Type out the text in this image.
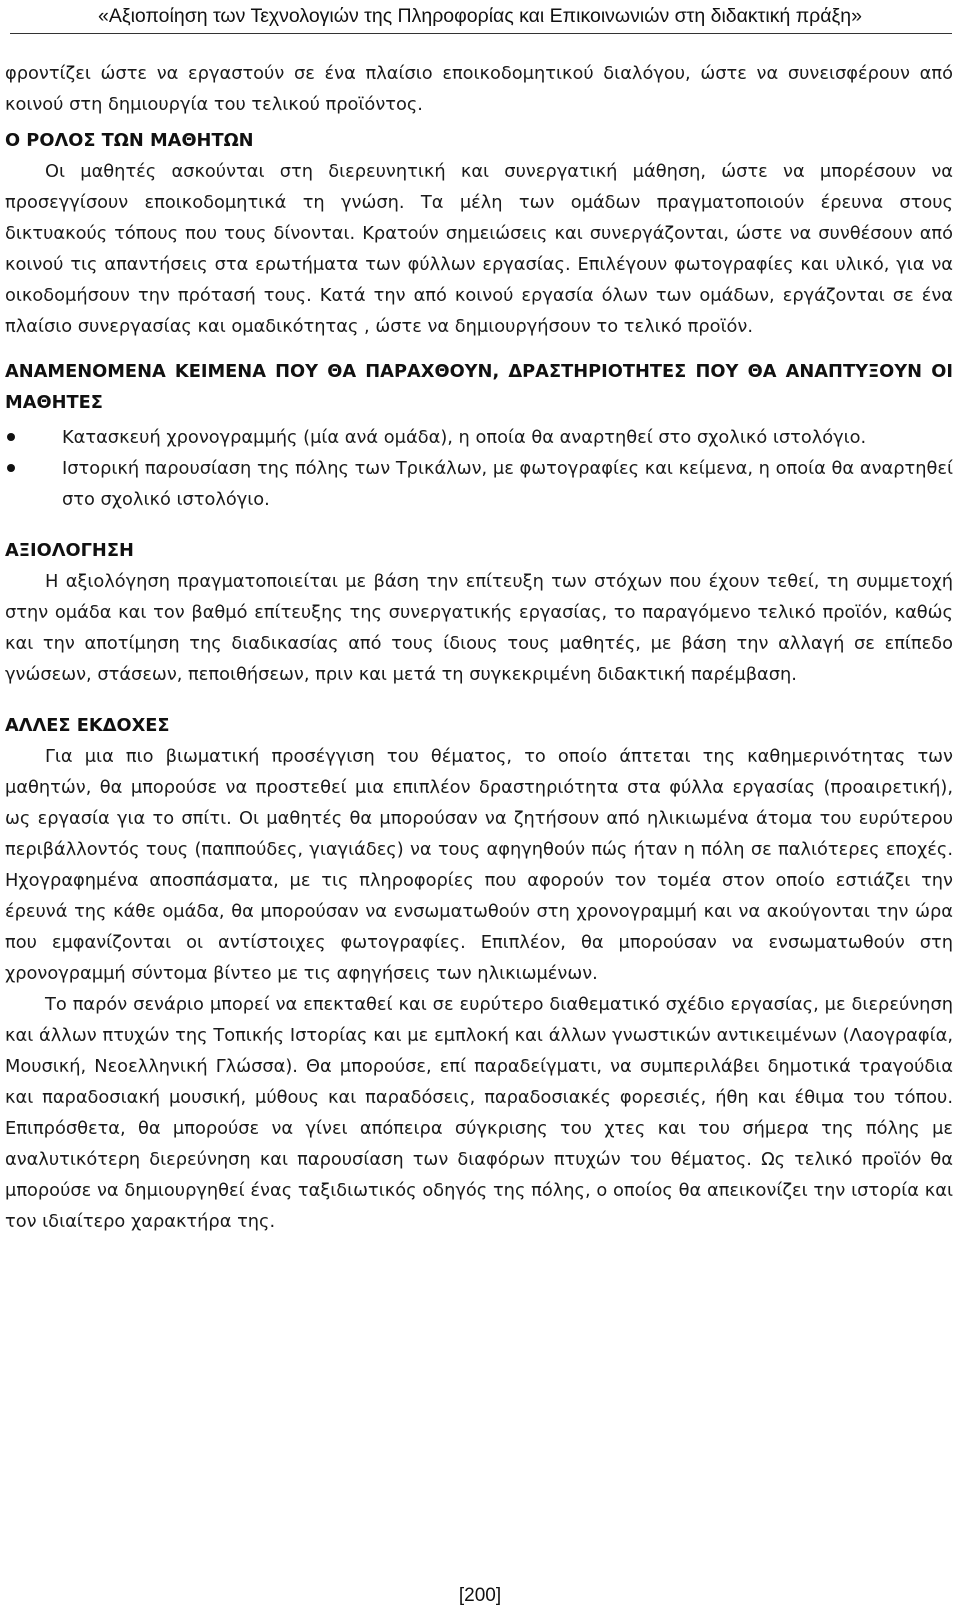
«Αξιοποίηση των Τεχνολογιών της Πληροφορίας και Επικοινωνιών στη διδακτική πράξη»

φροντίζει ώστε να εργαστούν σε ένα πλαίσιο εποικοδομητικού διαλόγου, ώστε να συνεισφέρουν από κοινού στη δημιουργία του τελικού προϊόντος.

Ο ΡΟΛΟΣ ΤΩΝ ΜΑΘΗΤΩΝ

Οι μαθητές ασκούνται στη διερευνητική και συνεργατική μάθηση, ώστε να μπορέσουν να προσεγγίσουν εποικοδομητικά τη γνώση. Τα μέλη των ομάδων πραγματοποιούν έρευνα στους δικτυακούς τόπους που τους δίνονται. Κρατούν σημειώσεις και συνεργάζονται, ώστε να συνθέσουν από κοινού τις απαντήσεις στα ερωτήματα των φύλλων εργασίας. Επιλέγουν φωτογραφίες και υλικό, για να οικοδομήσουν την πρότασή τους. Κατά την από κοινού εργασία όλων των ομάδων, εργάζονται σε ένα πλαίσιο συνεργασίας και ομαδικότητας , ώστε να δημιουργήσουν το τελικό προϊόν.

ΑΝΑΜΕΝΟΜΕΝΑ ΚΕΙΜΕΝΑ ΠΟΥ ΘΑ ΠΑΡΑΧΘΟΥΝ, ΔΡΑΣΤΗΡΙΟΤΗΤΕΣ ΠΟΥ ΘΑ ΑΝΑΠΤΥΞΟΥΝ ΟΙ ΜΑΘΗΤΕΣ
Κατασκευή χρονογραμμής (μία ανά ομάδα), η οποία θα αναρτηθεί στο σχολικό ιστολόγιο.
Ιστορική παρουσίαση της πόλης των Τρικάλων, με φωτογραφίες και κείμενα, η οποία θα αναρτηθεί στο σχολικό ιστολόγιο.
ΑΞΙΟΛΟΓΗΣΗ

Η αξιολόγηση πραγματοποιείται με βάση την επίτευξη των στόχων που έχουν τεθεί, τη συμμετοχή στην ομάδα και τον βαθμό επίτευξης της συνεργατικής εργασίας, το παραγόμενο τελικό προϊόν, καθώς και την αποτίμηση της διαδικασίας από τους ίδιους τους μαθητές, με βάση την αλλαγή σε επίπεδο γνώσεων, στάσεων, πεποιθήσεων, πριν και μετά τη συγκεκριμένη διδακτική παρέμβαση.

ΑΛΛΕΣ ΕΚΔΟΧΕΣ

Για μια πιο βιωματική προσέγγιση του θέματος, το οποίο άπτεται της καθημερινότητας των μαθητών, θα μπορούσε να προστεθεί μια επιπλέον δραστηριότητα στα φύλλα εργασίας (προαιρετική), ως εργασία για το σπίτι. Οι μαθητές θα μπορούσαν να ζητήσουν από ηλικιωμένα άτομα του ευρύτερου περιβάλλοντός τους (παππούδες, γιαγιάδες) να τους αφηγηθούν πώς ήταν η πόλη σε παλιότερες εποχές. Ηχογραφημένα αποσπάσματα, με τις πληροφορίες που αφορούν τον τομέα στον οποίο εστιάζει την έρευνά της κάθε ομάδα, θα μπορούσαν να ενσωματωθούν στη χρονογραμμή και να ακούγονται την ώρα που εμφανίζονται οι αντίστοιχες φωτογραφίες. Επιπλέον, θα μπορούσαν να ενσωματωθούν στη χρονογραμμή σύντομα βίντεο με τις αφηγήσεις των ηλικιωμένων.

Το παρόν σενάριο μπορεί να επεκταθεί και σε ευρύτερο διαθεματικό σχέδιο εργασίας, με διερεύνηση και άλλων πτυχών της Τοπικής Ιστορίας και με εμπλοκή και άλλων γνωστικών αντικειμένων (Λαογραφία, Μουσική, Νεοελληνική Γλώσσα). Θα μπορούσε, επί παραδείγματι, να συμπεριλάβει δημοτικά τραγούδια και παραδοσιακή μουσική, μύθους και παραδόσεις, παραδοσιακές φορεσιές, ήθη και έθιμα του τόπου. Επιπρόσθετα, θα μπορούσε να γίνει απόπειρα σύγκρισης του χτες και του σήμερα της πόλης με αναλυτικότερη διερεύνηση και παρουσίαση των διαφόρων πτυχών του θέματος. Ως τελικό προϊόν θα μπορούσε να δημιουργηθεί ένας ταξιδιωτικός οδηγός της πόλης, ο οποίος θα απεικονίζει την ιστορία και τον ιδιαίτερο χαρακτήρα της.

[200]
